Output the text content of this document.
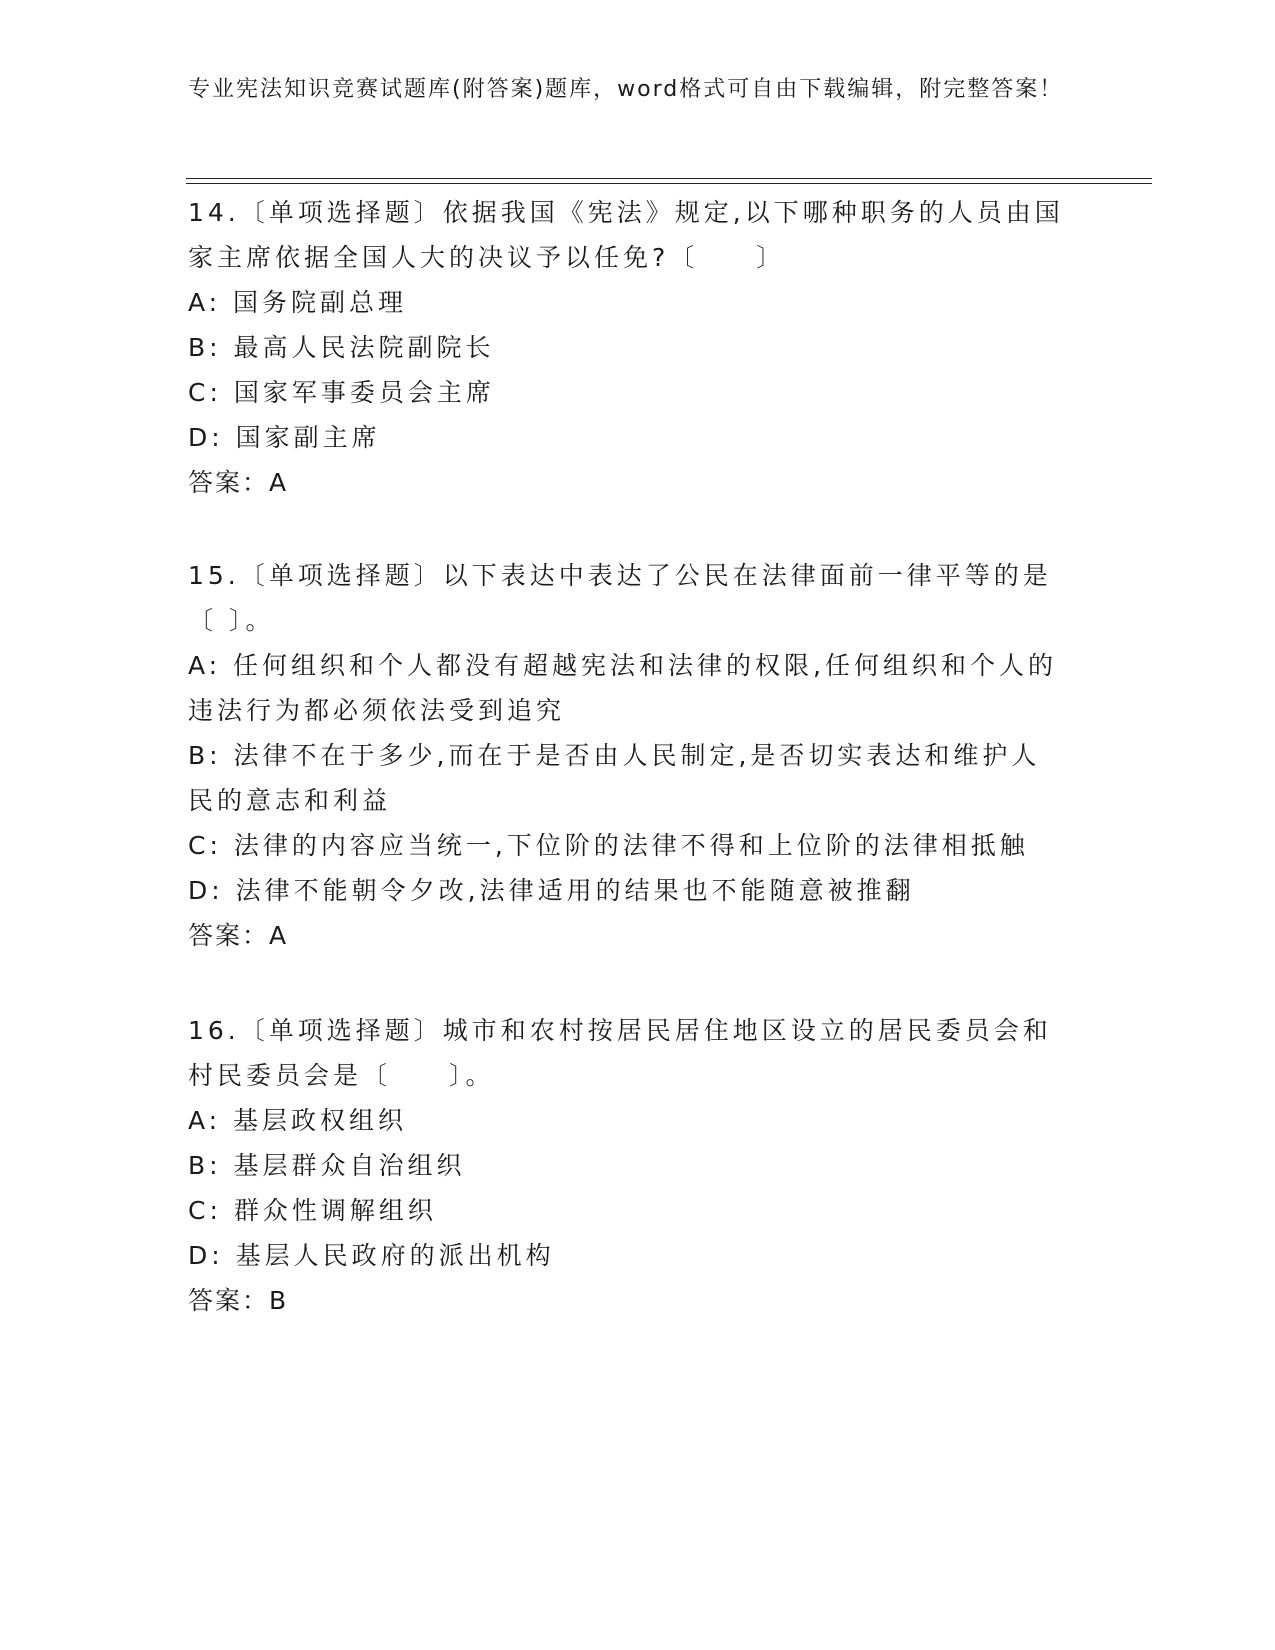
专业宪法知识竞赛试题库(附答案)题库，word格式可自由下载编辑，附完整答案！
14.〔单项选择题〕依据我国《宪法》规定,以下哪种职务的人员由国家主席依据全国人大的决议予以任免?〔　　〕
A: 国务院副总理
B: 最高人民法院副院长
C: 国家军事委员会主席
D: 国家副主席
答案：A
15.〔单项选择题〕以下表达中表达了公民在法律面前一律平等的是〔 〕。
A: 任何组织和个人都没有超越宪法和法律的权限,任何组织和个人的违法行为都必须依法受到追究
B: 法律不在于多少,而在于是否由人民制定,是否切实表达和维护人民的意志和利益
C: 法律的内容应当统一,下位阶的法律不得和上位阶的法律相抵触
D: 法律不能朝令夕改,法律适用的结果也不能随意被推翻
答案：A
16.〔单项选择题〕城市和农村按居民居住地区设立的居民委员会和村民委员会是〔　　〕。
A: 基层政权组织
B: 基层群众自治组织
C: 群众性调解组织
D: 基层人民政府的派出机构
答案：B
